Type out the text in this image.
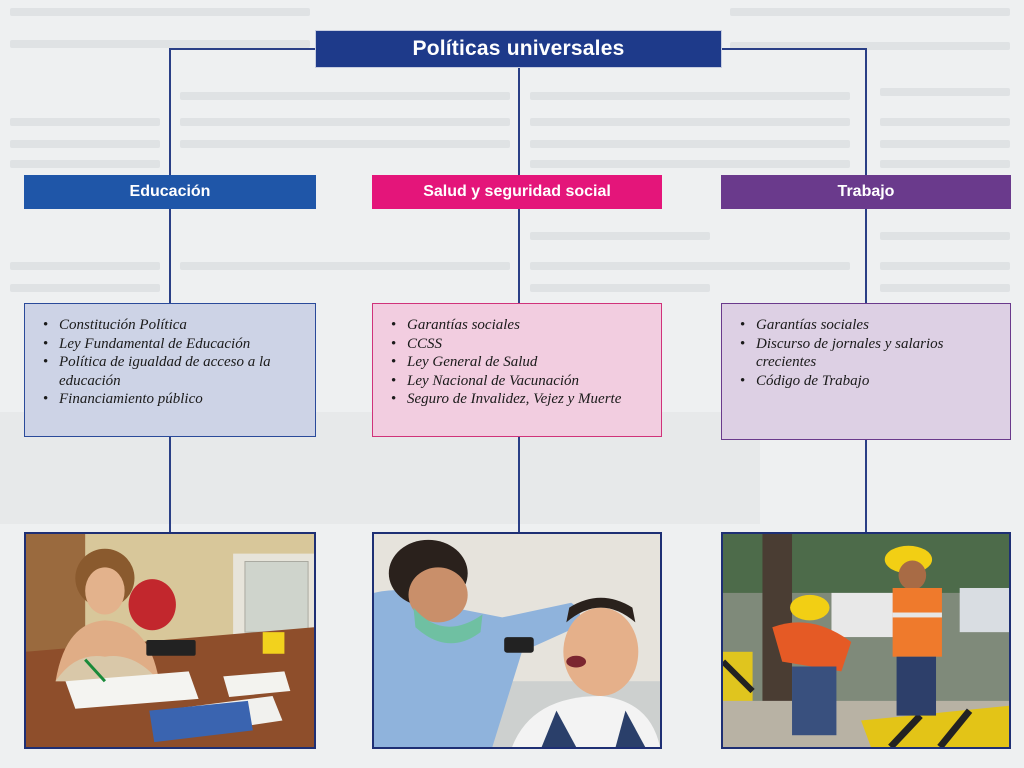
Políticas universales
Educación	Salud y seguridad social	Trabajo
• Constitución Política
• Ley Fundamental de Educación
• Política de igualdad de acceso a la educación
• Financiamiento público
• Garantías sociales
• CCSS
• Ley General de Salud
• Ley Nacional de Vacunación
• Seguro de Invalidez, Vejez y Muerte
• Garantías sociales
• Discurso de jornales y salarios crecientes
• Código de Trabajo
